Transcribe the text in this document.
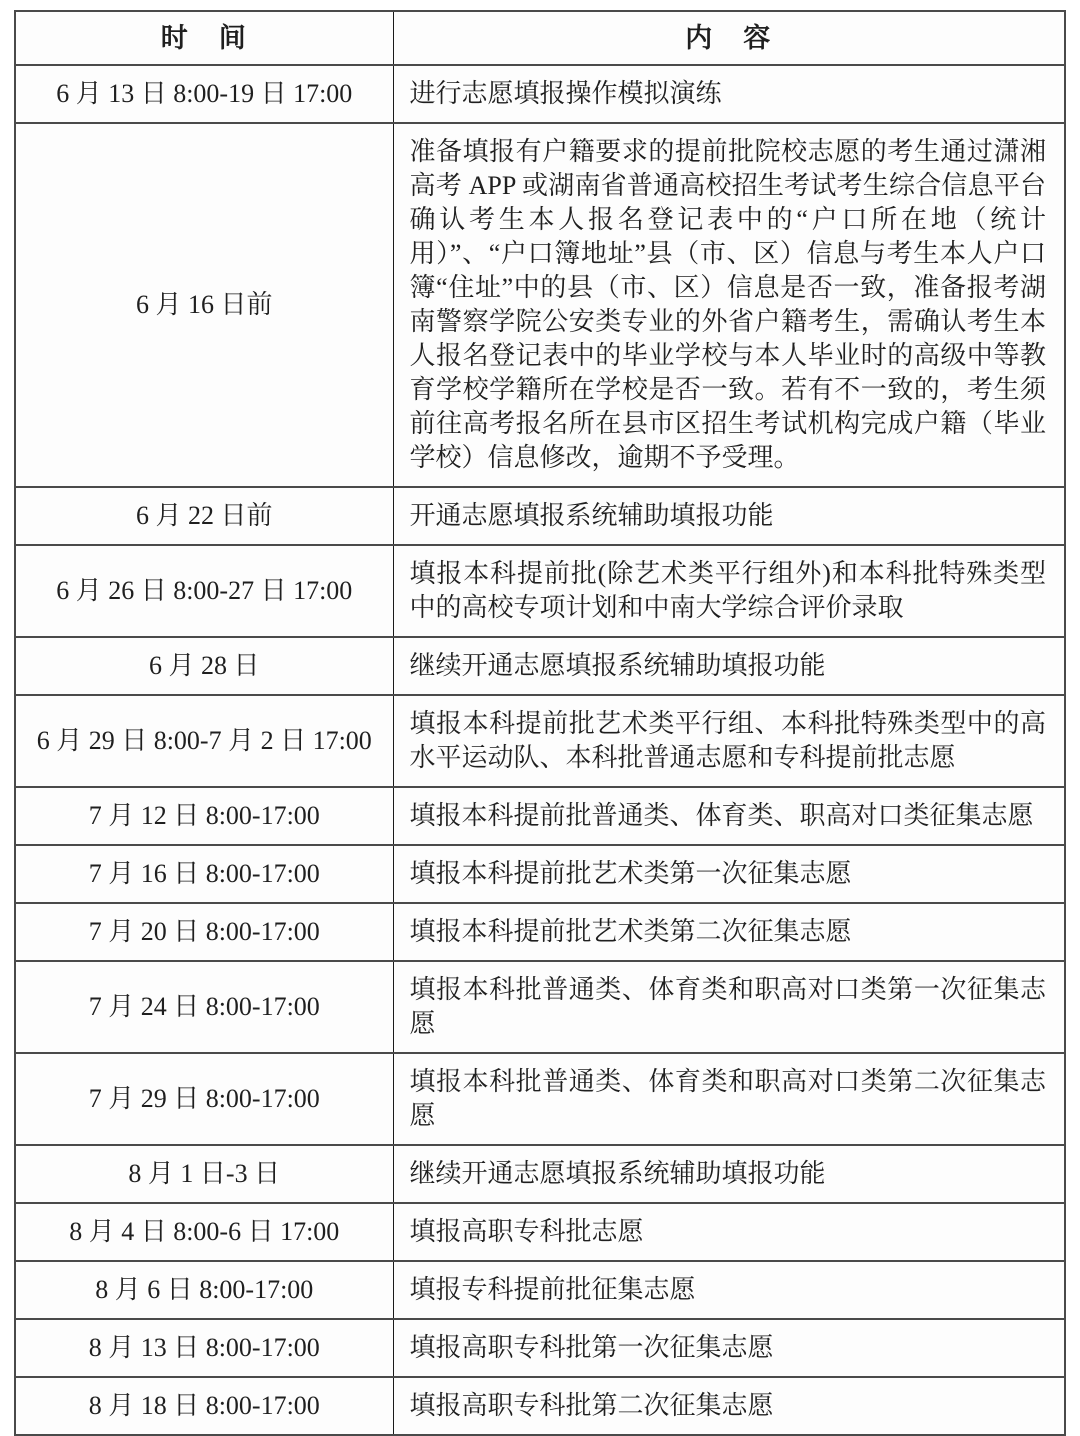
时　间	内　容
6 月 13 日 8:00-19 日 17:00	进行志愿填报操作模拟演练
6 月 16 日前	准备填报有户籍要求的提前批院校志愿的考生通过潇湘高考 APP 或湖南省普通高校招生考试考生综合信息平台确认考生本人报名登记表中的“户口所在地（统计用）”、“户口簿地址”县（市、区）信息与考生本人户口簿“住址”中的县（市、区）信息是否一致，准备报考湖南警察学院公安类专业的外省户籍考生，需确认考生本人报名登记表中的毕业学校与本人毕业时的高级中等教育学校学籍所在学校是否一致。若有不一致的，考生须前往高考报名所在县市区招生考试机构完成户籍（毕业学校）信息修改，逾期不予受理。
6 月 22 日前	开通志愿填报系统辅助填报功能
6 月 26 日 8:00-27 日 17:00	填报本科提前批(除艺术类平行组外)和本科批特殊类型中的高校专项计划和中南大学综合评价录取
6 月 28 日	继续开通志愿填报系统辅助填报功能
6 月 29 日 8:00-7 月 2 日 17:00	填报本科提前批艺术类平行组、本科批特殊类型中的高水平运动队、本科批普通志愿和专科提前批志愿
7 月 12 日 8:00-17:00	填报本科提前批普通类、体育类、职高对口类征集志愿
7 月 16 日 8:00-17:00	填报本科提前批艺术类第一次征集志愿
7 月 20 日 8:00-17:00	填报本科提前批艺术类第二次征集志愿
7 月 24 日 8:00-17:00	填报本科批普通类、体育类和职高对口类第一次征集志愿
7 月 29 日 8:00-17:00	填报本科批普通类、体育类和职高对口类第二次征集志愿
8 月 1 日-3 日	继续开通志愿填报系统辅助填报功能
8 月 4 日 8:00-6 日 17:00	填报高职专科批志愿
8 月 6 日 8:00-17:00	填报专科提前批征集志愿
8 月 13 日 8:00-17:00	填报高职专科批第一次征集志愿
8 月 18 日 8:00-17:00	填报高职专科批第二次征集志愿
